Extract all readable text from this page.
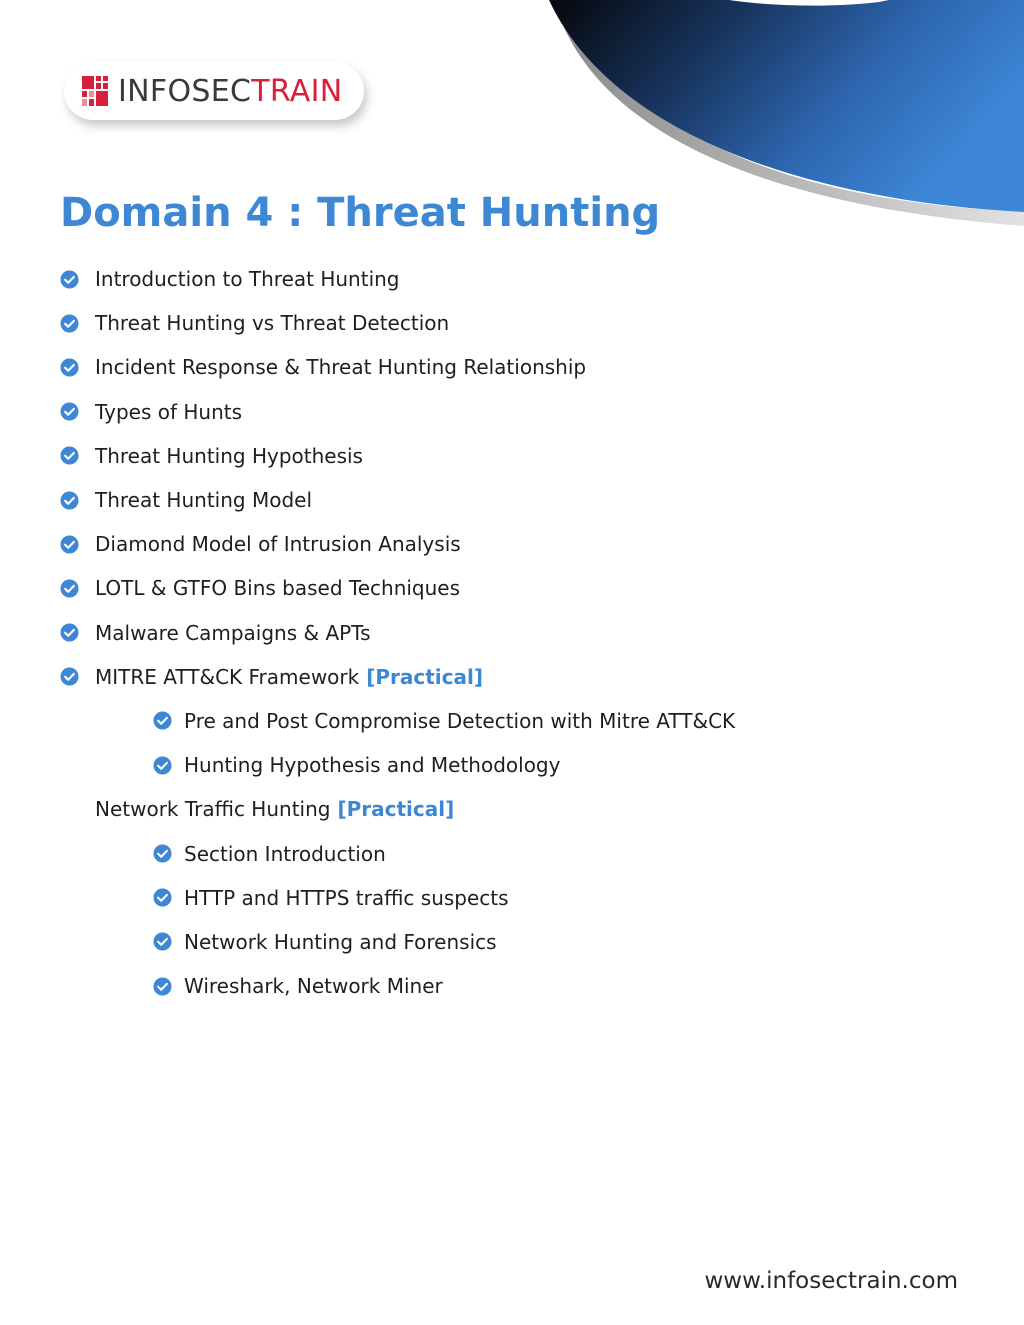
INFOSECTRAIN
Domain 4 : Threat Hunting
Introduction to Threat Hunting
Threat Hunting vs Threat Detection
Incident Response & Threat Hunting Relationship
Types of Hunts
Threat Hunting Hypothesis
Threat Hunting Model
Diamond Model of Intrusion Analysis
LOTL & GTFO Bins based Techniques
Malware Campaigns & APTs
MITRE ATT&CK Framework [Practical]
Pre and Post Compromise Detection with Mitre ATT&CK
Hunting Hypothesis and Methodology
Network Traffic Hunting [Practical]
Section Introduction
HTTP and HTTPS traffic suspects
Network Hunting and Forensics
Wireshark, Network Miner
www.infosectrain.com
